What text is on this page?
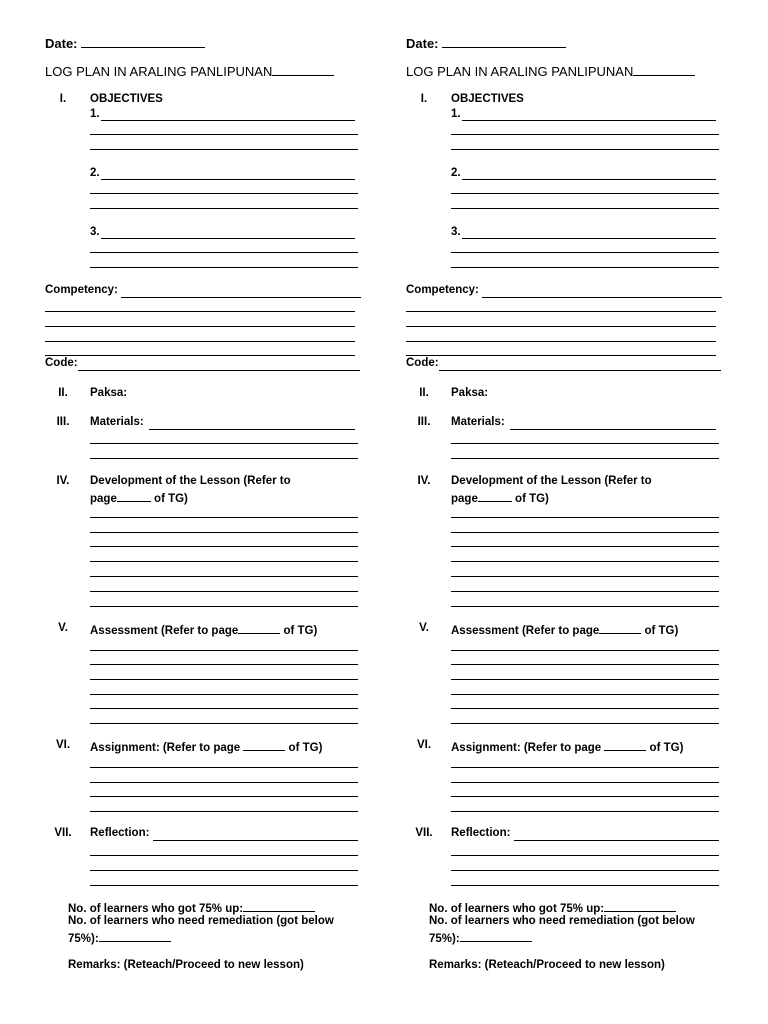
Date:
LOG PLAN IN ARALING PANLIPUNAN
I.	OBJECTIVES
1.
2.
3.
Competency:
Code:
II.	Paksa:
III.	Materials:
IV.	Development of the Lesson (Refer to
page	of TG)
V.	Assessment (Refer to page	of TG)
VI.	Assignment: (Refer to page	of TG)
VII.	Reflection:
No. of learners who got 75% up:
No. of learners who need remediation (got below
75%):
Remarks: (Reteach/Proceed to new lesson)
Date:
LOG PLAN IN ARALING PANLIPUNAN
I.	OBJECTIVES
1.
2.
3.
Competency:
Code:
II.	Paksa:
III.	Materials:
IV.	Development of the Lesson (Refer to
page	of TG)
V.	Assessment (Refer to page	of TG)
VI.	Assignment: (Refer to page	of TG)
VII.	Reflection:
No. of learners who got 75% up:
No. of learners who need remediation (got below
75%):
Remarks: (Reteach/Proceed to new lesson)
